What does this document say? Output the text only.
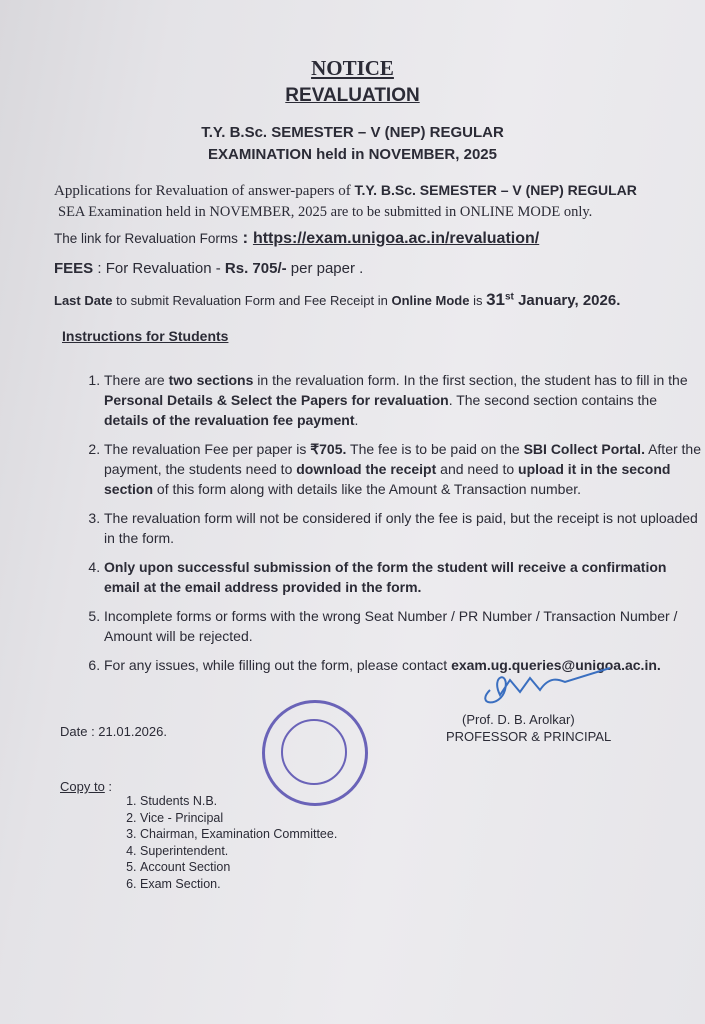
NOTICE
REVALUATION
T.Y. B.Sc. SEMESTER – V (NEP) REGULAR
EXAMINATION held in NOVEMBER, 2025
Applications for Revaluation of answer-papers of T.Y. B.Sc. SEMESTER – V (NEP) REGULAR
SEA Examination held in NOVEMBER, 2025 are to be submitted in ONLINE MODE only.
The link for Revaluation Forms : https://exam.unigoa.ac.in/revaluation/
FEES : For Revaluation - Rs. 705/- per paper .
Last Date to submit Revaluation Form and Fee Receipt in Online Mode is 31st January, 2026.
Instructions for Students
1. There are two sections in the revaluation form. In the first section, the student has to fill in the Personal Details & Select the Papers for revaluation. The second section contains the details of the revaluation fee payment.
2. The revaluation Fee per paper is ₹705. The fee is to be paid on the SBI Collect Portal. After the payment, the students need to download the receipt and need to upload it in the second section of this form along with details like the Amount & Transaction number.
3. The revaluation form will not be considered if only the fee is paid, but the receipt is not uploaded in the form.
4. Only upon successful submission of the form the student will receive a confirmation email at the email address provided in the form.
5. Incomplete forms or forms with the wrong Seat Number / PR Number / Transaction Number / Amount will be rejected.
6. For any issues, while filling out the form, please contact exam.ug.queries@unigoa.ac.in.
(Prof. D. B. Arolkar)
PROFESSOR & PRINCIPAL
Date : 21.01.2026.
Copy to :
1. Students N.B.
2. Vice - Principal
3. Chairman, Examination Committee.
4. Superintendent.
5. Account Section
6. Exam Section.
